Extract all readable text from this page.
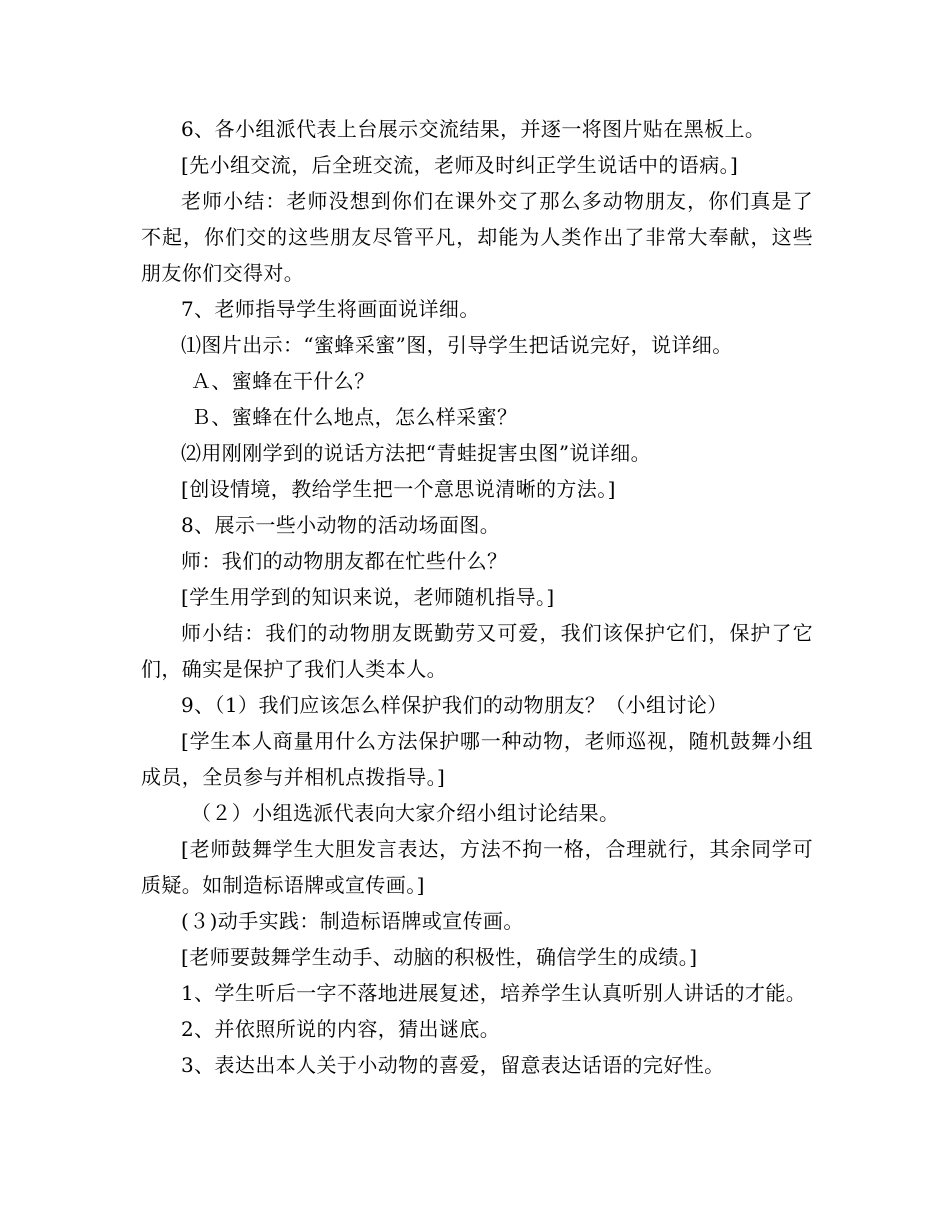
6、各小组派代表上台展示交流结果，并逐一将图片贴在黑板上。

[先小组交流，后全班交流，老师及时纠正学生说话中的语病。]

老师小结：老师没想到你们在课外交了那么多动物朋友，你们真是了不起，你们交的这些朋友尽管平凡，却能为人类作出了非常大奉献，这些朋友你们交得对。

7、老师指导学生将画面说详细。

⑴图片出示：“蜜蜂采蜜”图，引导学生把话说完好，说详细。

Ａ、蜜蜂在干什么？

Ｂ、蜜蜂在什么地点，怎么样采蜜？

⑵用刚刚学到的说话方法把“青蛙捉害虫图”说详细。

[创设情境，教给学生把一个意思说清晰的方法。]

8、展示一些小动物的活动场面图。

师：我们的动物朋友都在忙些什么？

[学生用学到的知识来说，老师随机指导。]

师小结：我们的动物朋友既勤劳又可爱，我们该保护它们，保护了它们，确实是保护了我们人类本人。

9、（1）我们应该怎么样保护我们的动物朋友？（小组讨论）

[学生本人商量用什么方法保护哪一种动物，老师巡视，随机鼓舞小组成员，全员参与并相机点拨指导。]

（２）小组选派代表向大家介绍小组讨论结果。

[老师鼓舞学生大胆发言表达，方法不拘一格，合理就行，其余同学可质疑。如制造标语牌或宣传画。]

(３)动手实践：制造标语牌或宣传画。

[老师要鼓舞学生动手、动脑的积极性，确信学生的成绩。]

1、学生听后一字不落地进展复述，培养学生认真听别人讲话的才能。

2、并依照所说的内容，猜出谜底。

3、表达出本人关于小动物的喜爱，留意表达话语的完好性。
